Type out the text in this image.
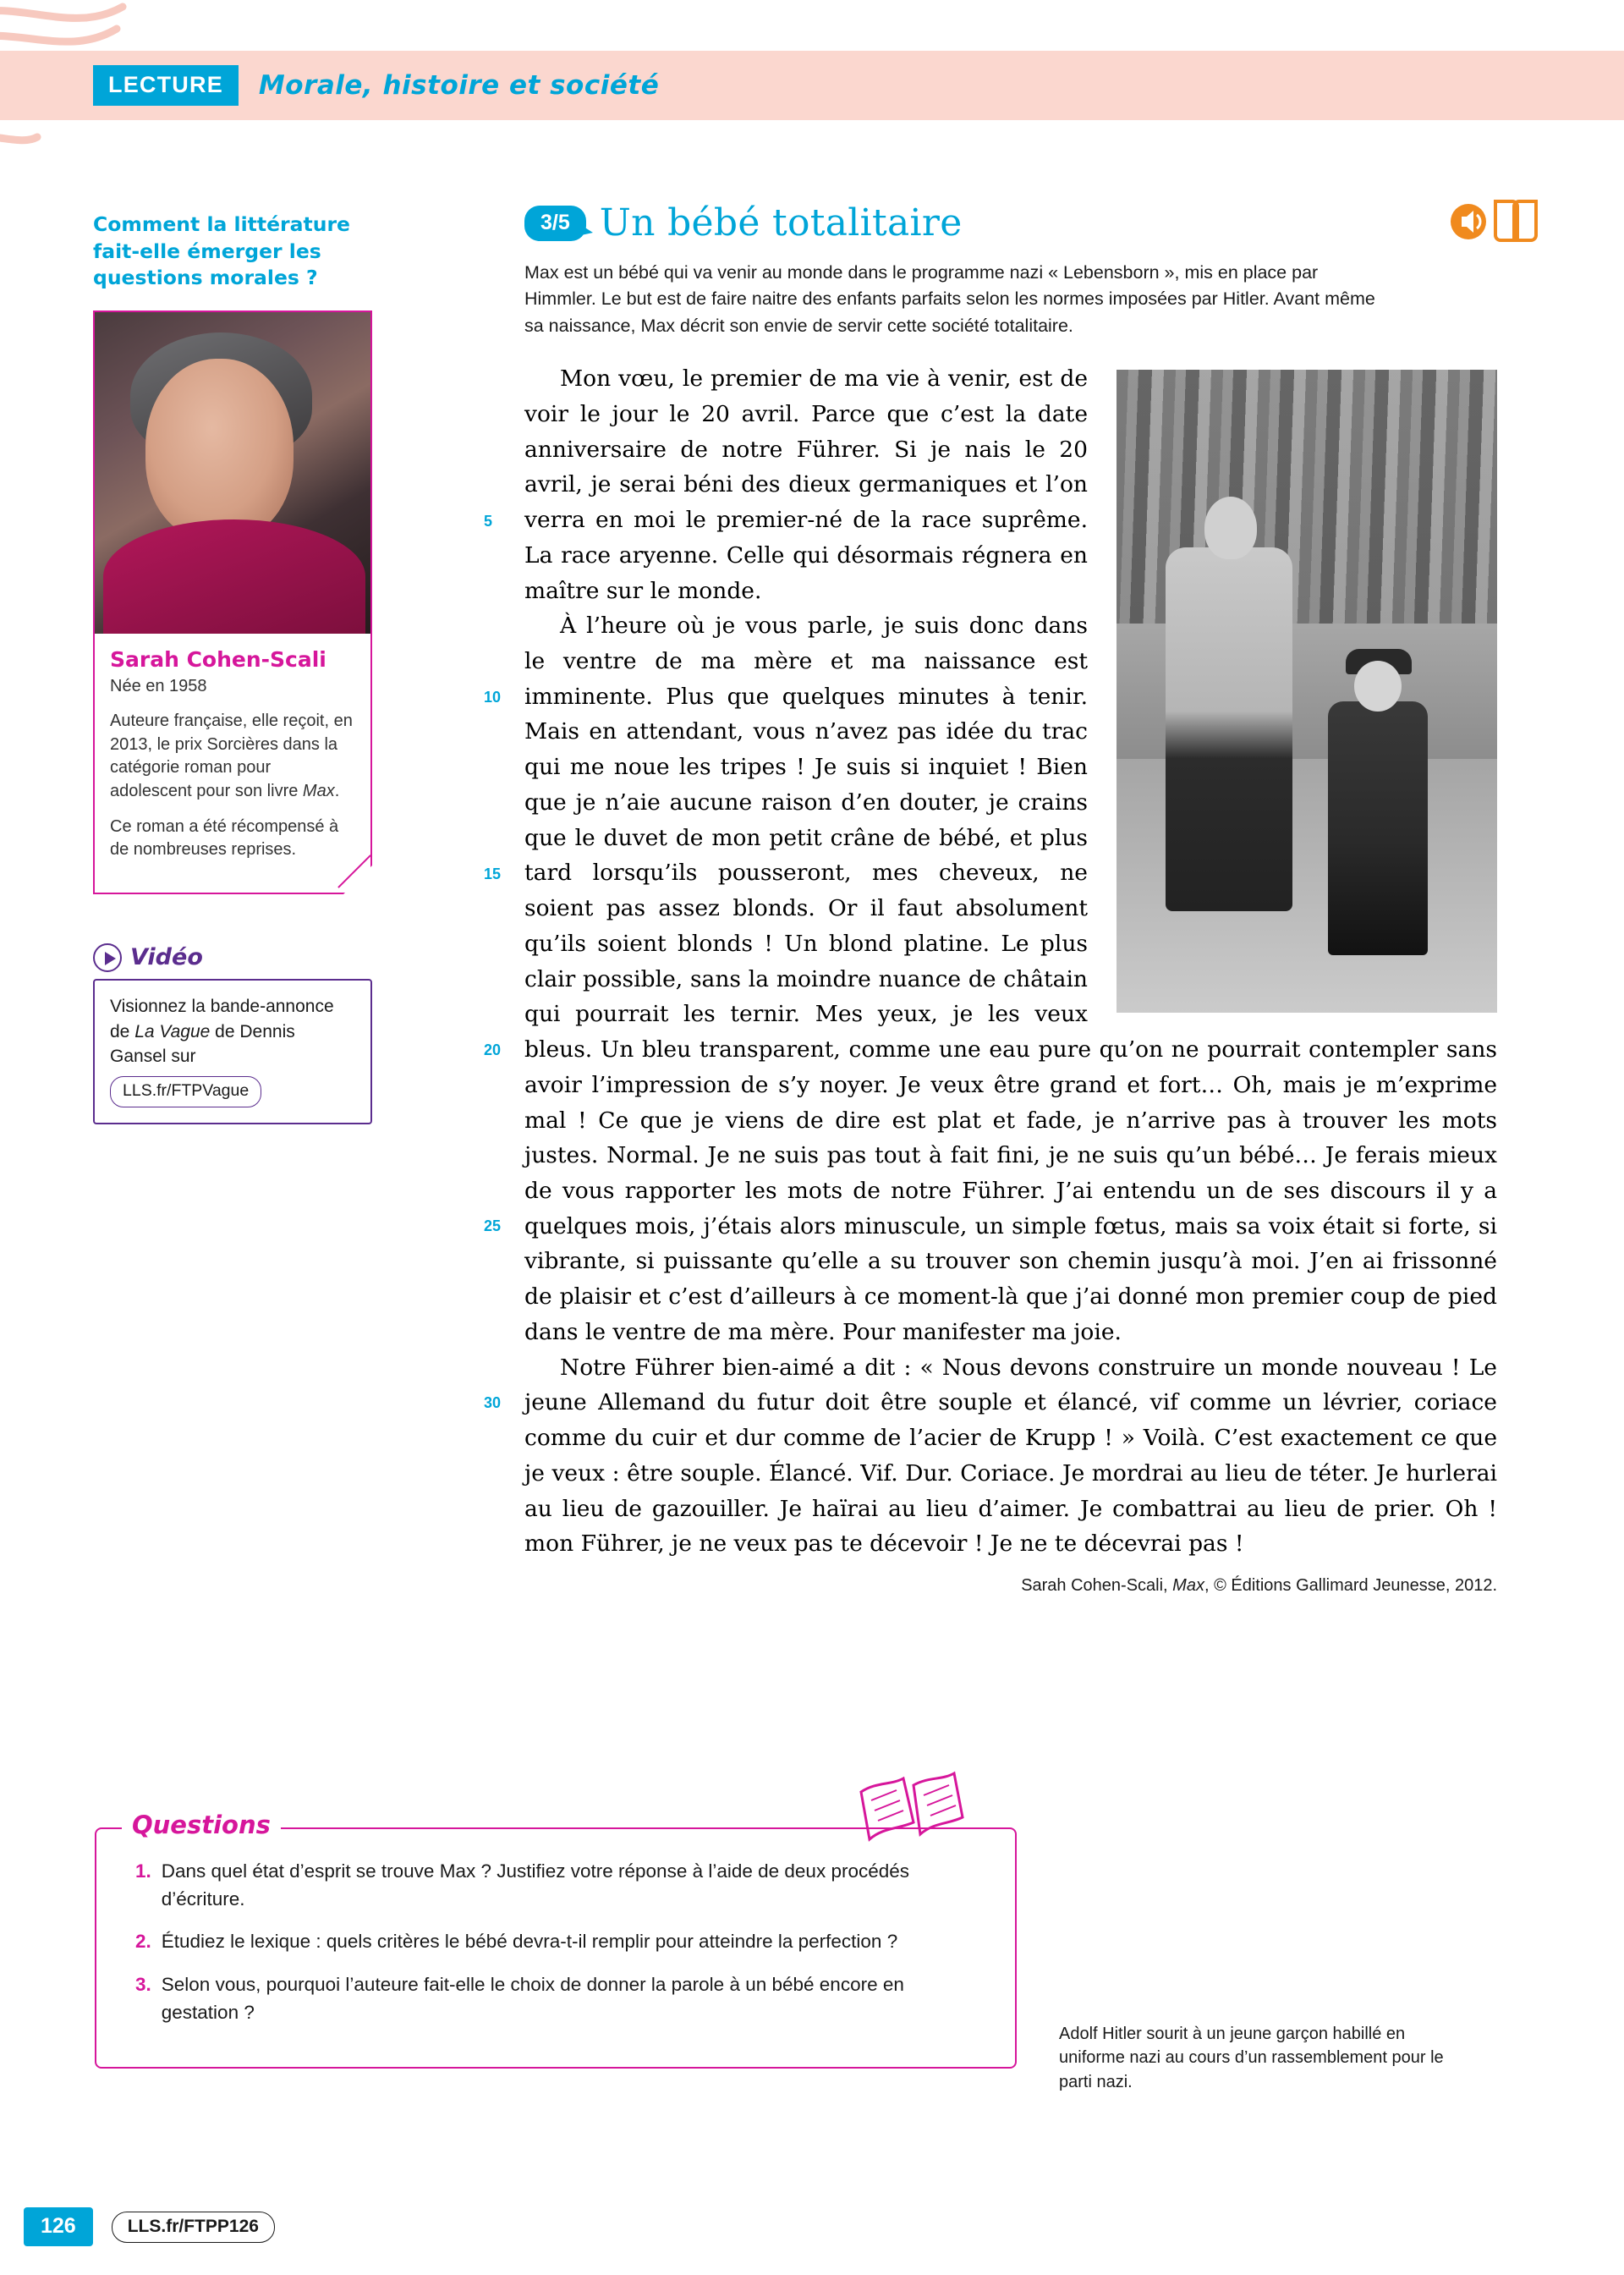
LECTURE	Morale, histoire et société
Comment la littérature fait-elle émerger les questions morales ?
Sarah Cohen-Scali
Née en 1958
Auteure française, elle reçoit, en 2013, le prix Sorcières dans la catégorie roman pour adolescent pour son livre Max.
Ce roman a été récompensé à de nombreuses reprises.
Vidéo
Visionnez la bande-annonce de La Vague de Dennis Gansel sur
LLS.fr/FTPVague
3/5 Un bébé totalitaire
Max est un bébé qui va venir au monde dans le programme nazi « Lebensborn », mis en place par Himmler. Le but est de faire naitre des enfants parfaits selon les normes imposées par Hitler. Avant même sa naissance, Max décrit son envie de servir cette société totalitaire.
5
10
15
20
25
30

Mon vœu, le premier de ma vie à venir, est de voir le jour le 20 avril. Parce que c’est la date anniversaire de notre Führer. Si je nais le 20 avril, je serai béni des dieux germaniques et l’on verra en moi le premier-né de la race suprême. La race aryenne. Celle qui désormais régnera en maître sur le monde.

À l’heure où je vous parle, je suis donc dans le ventre de ma mère et ma naissance est imminente. Plus que quelques minutes à tenir. Mais en attendant, vous n’avez pas idée du trac qui me noue les tripes ! Je suis si inquiet ! Bien que je n’aie aucune raison d’en douter, je crains que le duvet de mon petit crâne de bébé, et plus tard lorsqu’ils pousseront, mes cheveux, ne soient pas assez blonds. Or il faut absolument qu’ils soient blonds ! Un blond platine. Le plus clair possible, sans la moindre nuance de châtain qui pourrait les ternir. Mes yeux, je les veux bleus. Un bleu transparent, comme une eau pure qu’on ne pourrait contempler sans avoir l’impression de s’y noyer. Je veux être grand et fort… Oh, mais je m’exprime mal ! Ce que je viens de dire est plat et fade, je n’arrive pas à trouver les mots justes. Normal. Je ne suis pas tout à fait fini, je ne suis qu’un bébé… Je ferais mieux de vous rapporter les mots de notre Führer. J’ai entendu un de ses discours il y a quelques mois, j’étais alors minuscule, un simple fœtus, mais sa voix était si forte, si vibrante, si puissante qu’elle a su trouver son chemin jusqu’à moi. J’en ai frissonné de plaisir et c’est d’ailleurs à ce moment-là que j’ai donné mon premier coup de pied dans le ventre de ma mère. Pour manifester ma joie.

Notre Führer bien-aimé a dit : « Nous devons construire un monde nouveau ! Le jeune Allemand du futur doit être souple et élancé, vif comme un lévrier, coriace comme du cuir et dur comme de l’acier de Krupp ! » Voilà. C’est exactement ce que je veux : être souple. Élancé. Vif. Dur. Coriace. Je mordrai au lieu de téter. Je hurlerai au lieu de gazouiller. Je haïrai au lieu d’aimer. Je combattrai au lieu de prier. Oh ! mon Führer, je ne veux pas te décevoir ! Je ne te décevrai pas !

Sarah Cohen-Scali, Max, © Éditions Gallimard Jeunesse, 2012.
Adolf Hitler sourit à un jeune garçon habillé en uniforme nazi au cours d’un rassemblement pour le parti nazi.
Questions
1. Dans quel état d’esprit se trouve Max ? Justifiez votre réponse à l’aide de deux procédés d’écriture.
2. Étudiez le lexique : quels critères le bébé devra-t-il remplir pour atteindre la perfection ?
3. Selon vous, pourquoi l’auteure fait-elle le choix de donner la parole à un bébé encore en gestation ?
126	LLS.fr/FTPP126
